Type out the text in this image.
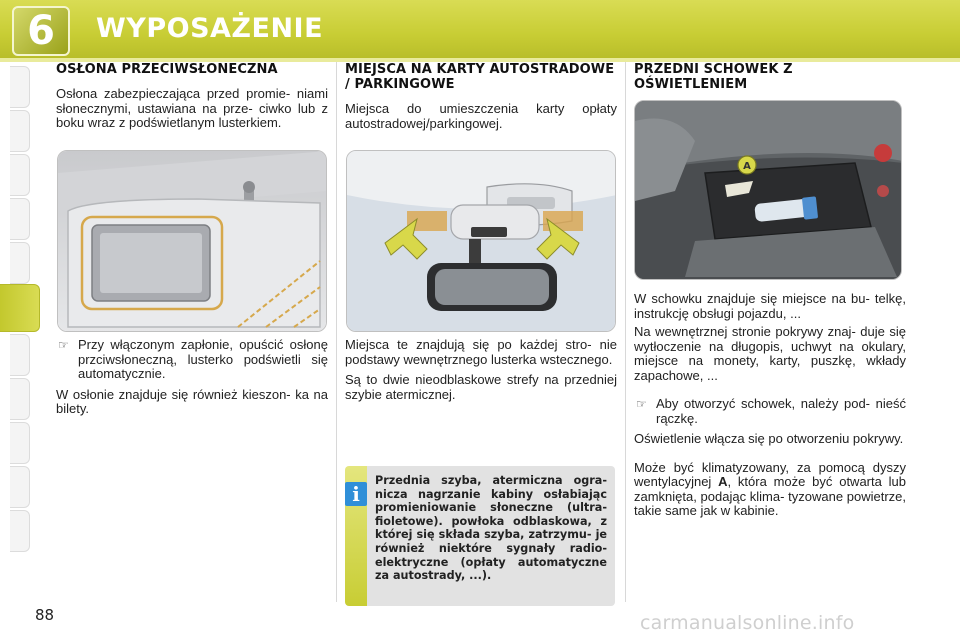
6 WYPOSAŻENIE
OSŁONA PRZECIWSŁONECZNA
Osłona zabezpieczająca przed promie- niami słonecznymi, ustawiana na prze- ciwko lub z boku wraz z podświetlanym lusterkiem.
☞ Przy włączonym zapłonie, opuścić osłonę przciwsłoneczną, lusterko podświetli się automatycznie.
W osłonie znajduje się również kieszon- ka na bilety.
MIEJSCA NA KARTY AUTOSTRADOWE / PARKINGOWE
Miejsca do umieszczenia karty opłaty autostradowej/parkingowej.
Miejsca te znajdują się po każdej stro- nie podstawy wewnętrznego lusterka wstecznego.
Są to dwie nieodblaskowe strefy na przedniej szybie atermicznej.
i
Przednia szyba, atermiczna ogra- nicza nagrzanie kabiny osłabiając promieniowanie słoneczne (ultra- fioletowe). powłoka odblaskowa, z której się składa szyba, zatrzymu- je również niektóre sygnały radio- elektryczne (opłaty automatyczne za autostrady, ...).
PRZEDNI SCHOWEK Z OŚWIETLENIEM
A
W schowku znajduje się miejsce na bu- telkę, instrukcję obsługi pojazdu, ...
Na wewnętrznej stronie pokrywy znaj- duje się wytłoczenie na długopis, uchwyt na okulary, miejsce na monety, karty, puszkę, wkłady zapachowe, ...
☞ Aby otworzyć schowek, należy pod- nieść rączkę.
Oświetlenie włącza się po otworzeniu pokrywy.
Może być klimatyzowany, za pomocą dyszy wentylacyjnej A, która może być otwarta lub zamknięta, podając klima- tyzowane powietrze, takie same jak w kabinie.
88	carmanualsonline.info
